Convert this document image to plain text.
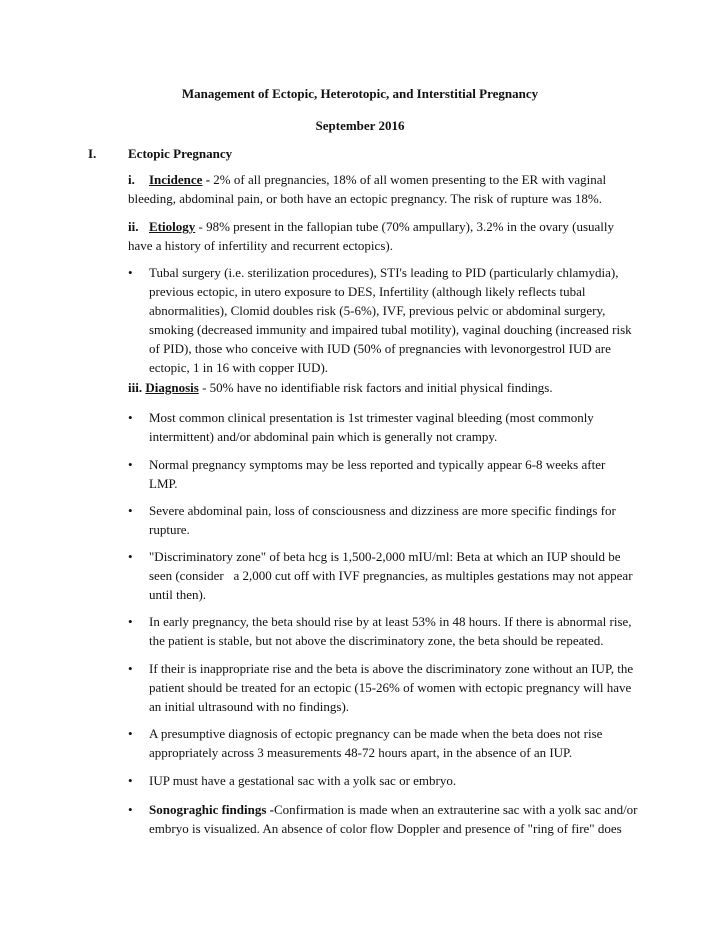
Management of Ectopic, Heterotopic, and Interstitial Pregnancy
September 2016
I. Ectopic Pregnancy
i. Incidence - 2% of all pregnancies, 18% of all women presenting to the ER with vaginal
bleeding, abdominal pain, or both have an ectopic pregnancy. The risk of rupture was 18%.
ii. Etiology - 98% present in the fallopian tube (70% ampullary), 3.2% in the ovary (usually
have a history of infertility and recurrent ectopics).
• Tubal surgery (i.e. sterilization procedures), STI's leading to PID (particularly chlamydia),
previous ectopic, in utero exposure to DES, Infertility (although likely reflects tubal
abnormalities), Clomid doubles risk (5-6%), IVF, previous pelvic or abdominal surgery,
smoking (decreased immunity and impaired tubal motility), vaginal douching (increased risk
of PID), those who conceive with IUD (50% of pregnancies with levonorgestrol IUD are
ectopic, 1 in 16 with copper IUD).
iii. Diagnosis - 50% have no identifiable risk factors and initial physical findings.
• Most common clinical presentation is 1st trimester vaginal bleeding (most commonly
intermittent) and/or abdominal pain which is generally not crampy.
• Normal pregnancy symptoms may be less reported and typically appear 6-8 weeks after
LMP.
• Severe abdominal pain, loss of consciousness and dizziness are more specific findings for
rupture.
• "Discriminatory zone" of beta hcg is 1,500-2,000 mIU/ml: Beta at which an IUP should be
seen (consider   a 2,000 cut off with IVF pregnancies, as multiples gestations may not appear
until then).
• In early pregnancy, the beta should rise by at least 53% in 48 hours. If there is abnormal rise,
the patient is stable, but not above the discriminatory zone, the beta should be repeated.
• If their is inappropriate rise and the beta is above the discriminatory zone without an IUP, the
patient should be treated for an ectopic (15-26% of women with ectopic pregnancy will have
an initial ultrasound with no findings).
• A presumptive diagnosis of ectopic pregnancy can be made when the beta does not rise
appropriately across 3 measurements 48-72 hours apart, in the absence of an IUP.
• IUP must have a gestational sac with a yolk sac or embryo.
• Sonograghic findings -Confirmation is made when an extrauterine sac with a yolk sac and/or
embryo is visualized. An absence of color flow Doppler and presence of "ring of fire" does
